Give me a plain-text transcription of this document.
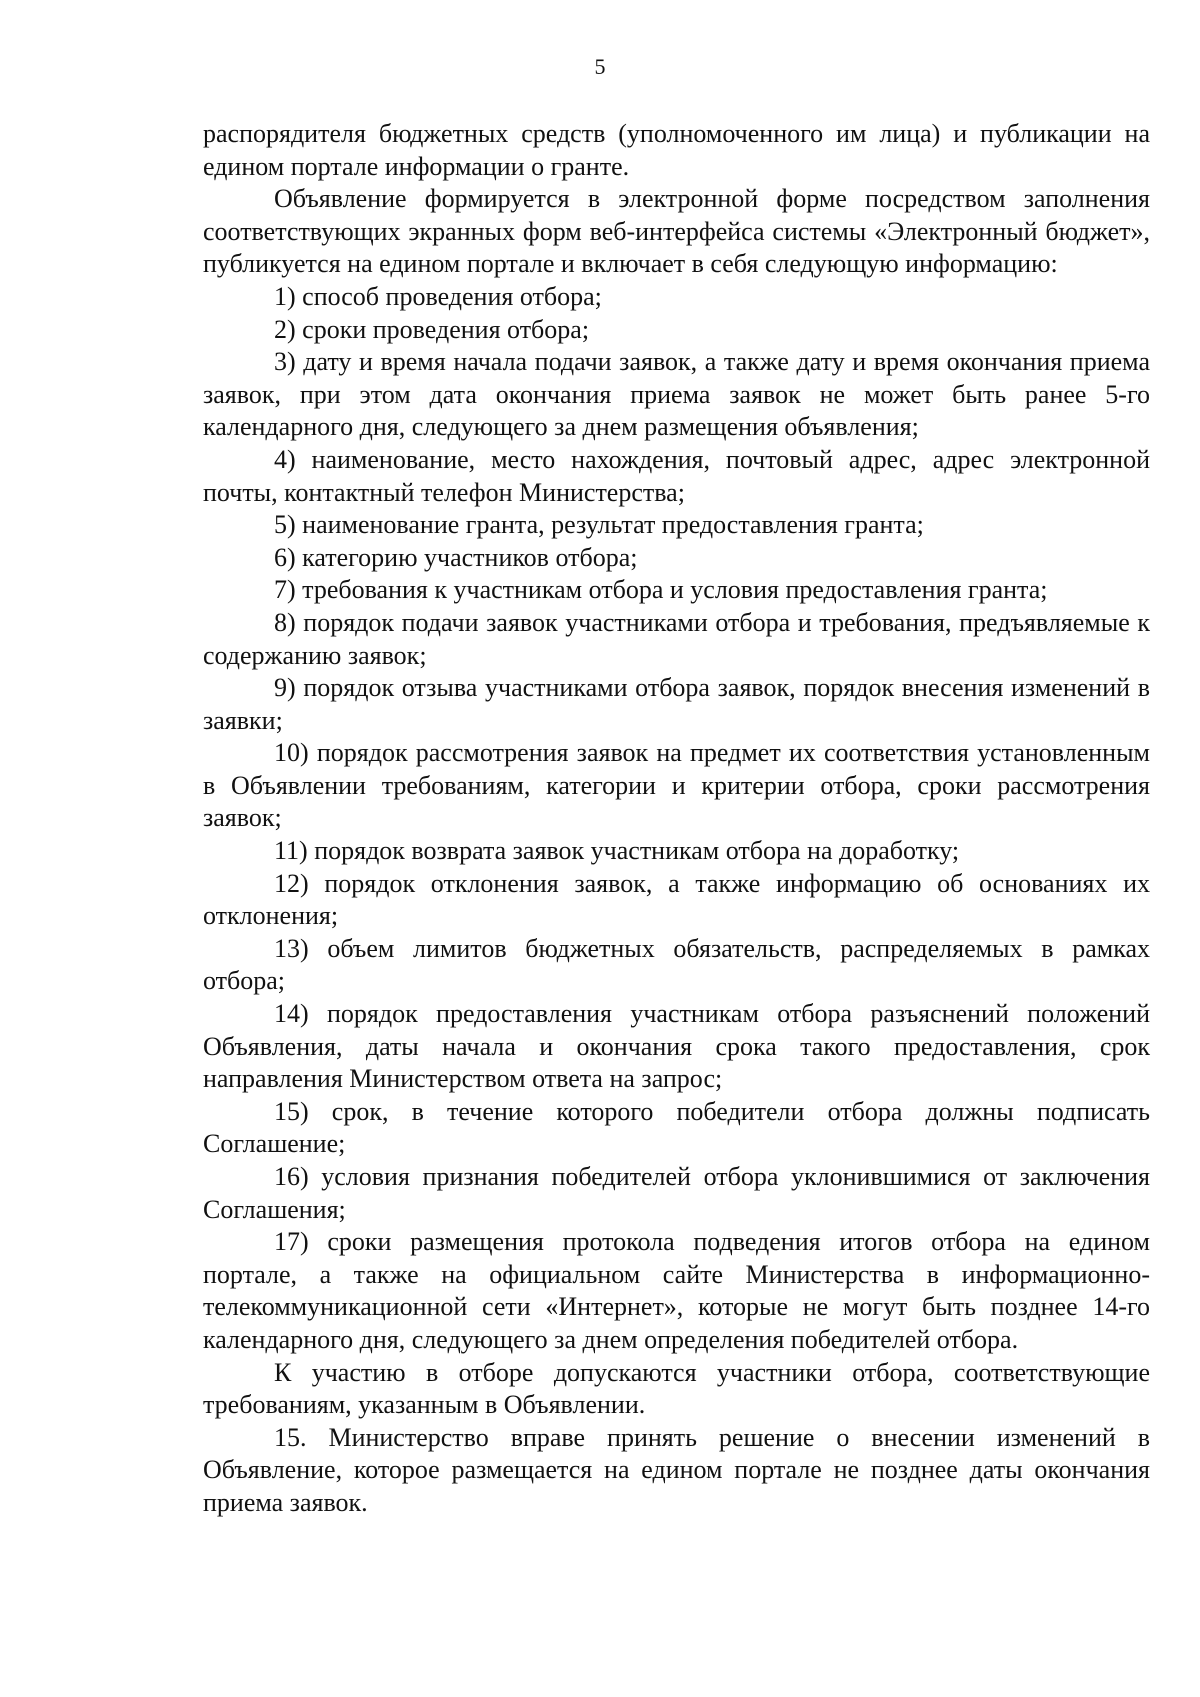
5

распорядителя бюджетных средств (уполномоченного им лица) и публикации на едином портале информации о гранте.

Объявление формируется в электронной форме посредством заполнения соответствующих экранных форм веб-интерфейса системы «Электронный бюджет», публикуется на едином портале и включает в себя следующую информацию:

1) способ проведения отбора;

2) сроки проведения отбора;

3) дату и время начала подачи заявок, а также дату и время окончания приема заявок, при этом дата окончания приема заявок не может быть ранее 5-го календарного дня, следующего за днем размещения объявления;

4) наименование, место нахождения, почтовый адрес, адрес электронной почты, контактный телефон Министерства;

5) наименование гранта, результат предоставления гранта;

6) категорию участников отбора;

7) требования к участникам отбора и условия предоставления гранта;

8) порядок подачи заявок участниками отбора и требования, предъявляемые к содержанию заявок;

9) порядок отзыва участниками отбора заявок, порядок внесения изменений в заявки;

10) порядок рассмотрения заявок на предмет их соответствия установленным в Объявлении требованиям, категории и критерии отбора, сроки рассмотрения заявок;

11) порядок возврата заявок участникам отбора на доработку;

12) порядок отклонения заявок, а также информацию об основаниях их отклонения;

13) объем лимитов бюджетных обязательств, распределяемых в рамках отбора;

14) порядок предоставления участникам отбора разъяснений положений Объявления, даты начала и окончания срока такого предоставления, срок направления Министерством ответа на запрос;

15) срок, в течение которого победители отбора должны подписать Соглашение;

16) условия признания победителей отбора уклонившимися от заключения Соглашения;

17) сроки размещения протокола подведения итогов отбора на едином портале, а также на официальном сайте Министерства в информационно-телекоммуникационной сети «Интернет», которые не могут быть позднее 14-го календарного дня, следующего за днем определения победителей отбора.

К участию в отборе допускаются участники отбора, соответствующие требованиям, указанным в Объявлении.

15. Министерство вправе принять решение о внесении изменений в Объявление, которое размещается на едином портале не позднее даты окончания приема заявок.
